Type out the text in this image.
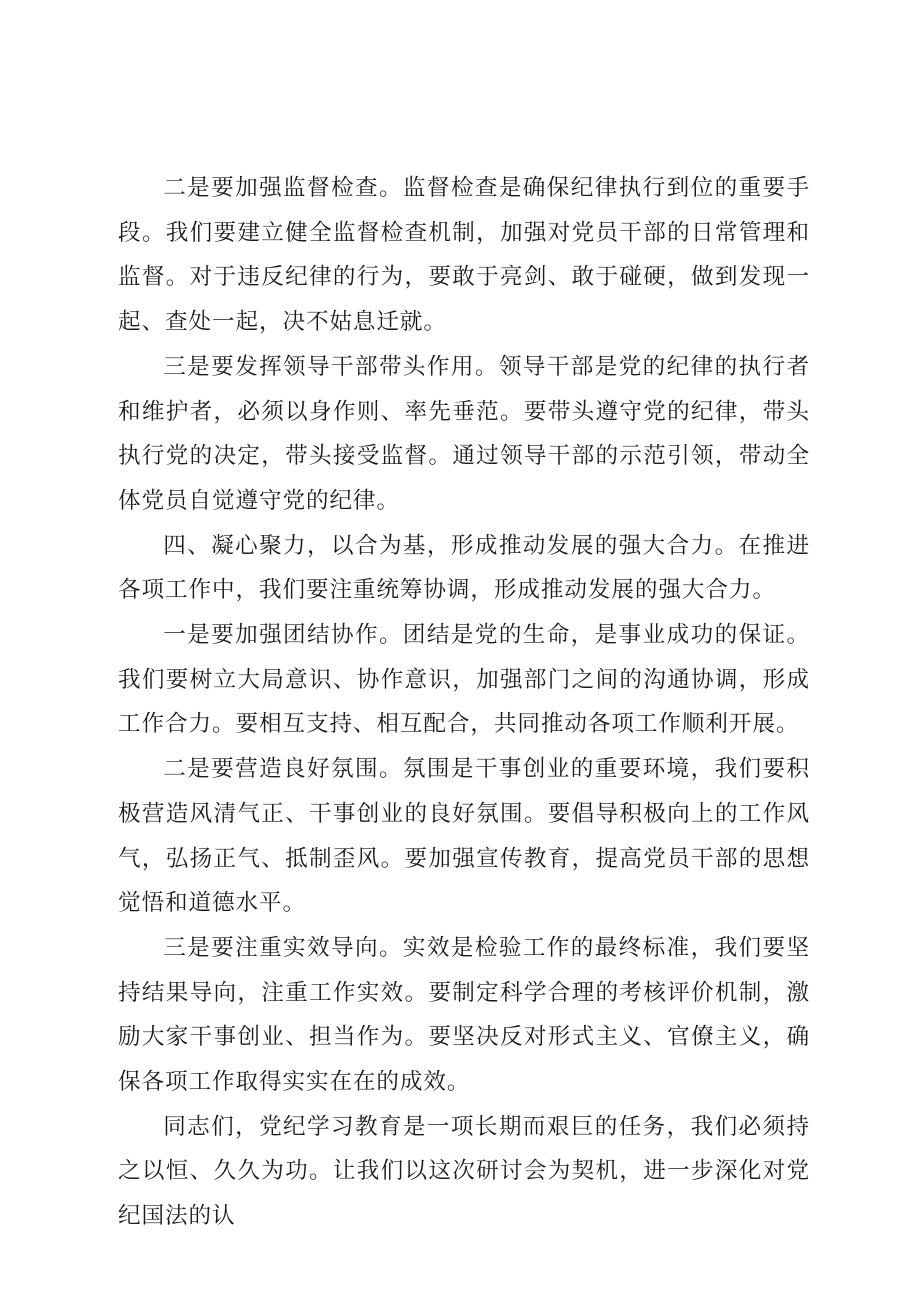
二是要加强监督检查。监督检查是确保纪律执行到位的重要手段。我们要建立健全监督检查机制，加强对党员干部的日常管理和监督。对于违反纪律的行为，要敢于亮剑、敢于碰硬，做到发现一起、查处一起，决不姑息迁就。

三是要发挥领导干部带头作用。领导干部是党的纪律的执行者和维护者，必须以身作则、率先垂范。要带头遵守党的纪律，带头执行党的决定，带头接受监督。通过领导干部的示范引领，带动全体党员自觉遵守党的纪律。

四、凝心聚力，以合为基，形成推动发展的强大合力。在推进各项工作中，我们要注重统筹协调，形成推动发展的强大合力。

一是要加强团结协作。团结是党的生命，是事业成功的保证。我们要树立大局意识、协作意识，加强部门之间的沟通协调，形成工作合力。要相互支持、相互配合，共同推动各项工作顺利开展。

二是要营造良好氛围。氛围是干事创业的重要环境，我们要积极营造风清气正、干事创业的良好氛围。要倡导积极向上的工作风气，弘扬正气、抵制歪风。要加强宣传教育，提高党员干部的思想觉悟和道德水平。

三是要注重实效导向。实效是检验工作的最终标准，我们要坚持结果导向，注重工作实效。要制定科学合理的考核评价机制，激励大家干事创业、担当作为。要坚决反对形式主义、官僚主义，确保各项工作取得实实在在的成效。

同志们，党纪学习教育是一项长期而艰巨的任务，我们必须持之以恒、久久为功。让我们以这次研讨会为契机，进一步深化对党纪国法的认
